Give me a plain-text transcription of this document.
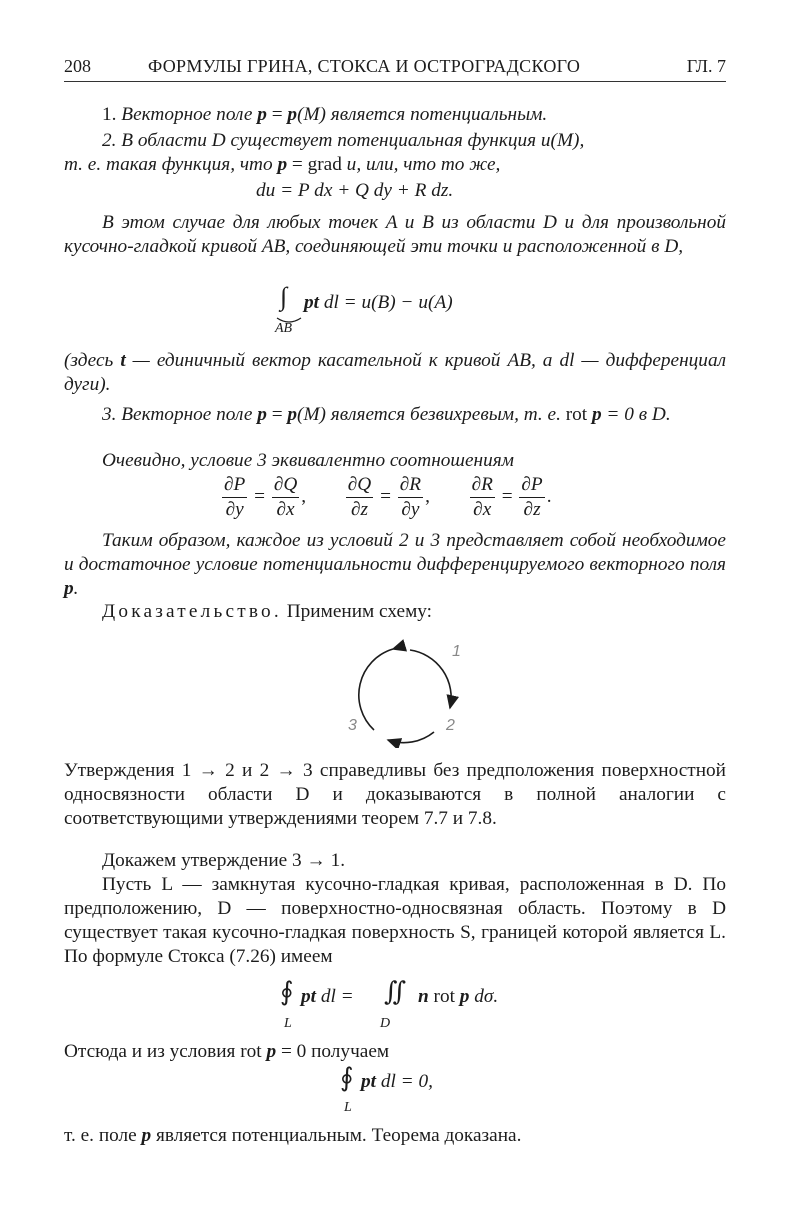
208	ФОРМУЛЫ ГРИНА, СТОКСА И ОСТРОГРАДСКОГО	ГЛ. 7
1. Векторное поле p = p(M) является потенциальным.
2. В области D существует потенциальная функция u(M),
т. е. такая функция, что p = grad u, или, что то же,
du = P dx + Q dy + R dz.
В этом случае для любых точек A и B из области D и для произвольной кусочно-гладкой кривой AB, соединяющей эти точки и расположенной в D,
∫
AB
pt dl = u(B) − u(A)
(здесь t — единичный вектор касательной к кривой AB, а dl — дифференциал дуги).
3. Векторное поле p = p(M) является безвихревым, т. е. rot p = 0 в D.
Очевидно, условие 3 эквивалентно соотношениям
$\frac{\partial P}{\partial y} = \frac{\partial Q}{\partial x}$ , $\frac{\partial Q}{\partial z} = \frac{\partial R}{\partial y}$ , $\frac{\partial R}{\partial x} = \frac{\partial P}{\partial z}$ .
Таким образом, каждое из условий 2 и 3 представляет собой необходимое и достаточное условие потенциальности дифференцируемого векторного поля p.
Доказательство. Применим схему:
1
2
3
Утверждения 1 → 2 и 2 → 3 справедливы без предположения поверхностной односвязности области D и доказываются в полной аналогии с соответствующими утверждениями теорем 7.7 и 7.8.
Докажем утверждение 3 → 1.
Пусть L — замкнутая кусочно-гладкая кривая, расположенная в D. По предположению, D — поверхностно-односвязная область. Поэтому в D существует такая кусочно-гладкая поверхность S, границей которой является L. По формуле Стокса (7.26) имеем
∮
L
pt dl = ∬
D
n rot p dσ.
Отсюда и из условия rot p = 0 получаем
∮
L
pt dl = 0,
т. е. поле p является потенциальным. Теорема доказана.
